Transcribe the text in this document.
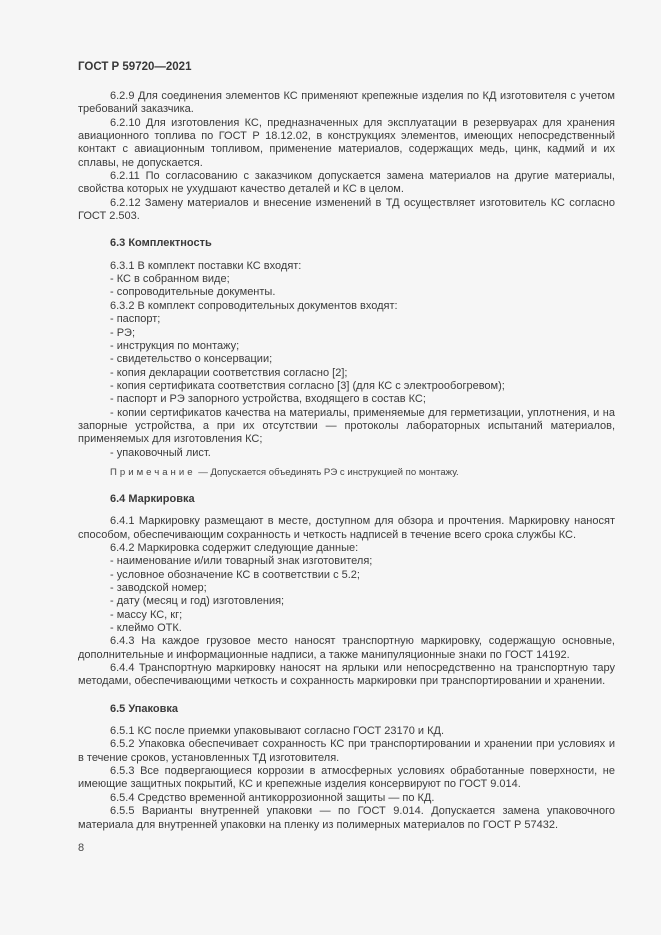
ГОСТ Р 59720—2021
6.2.9 Для соединения элементов КС применяют крепежные изделия по КД изготовителя с учетом требований заказчика.
6.2.10 Для изготовления КС, предназначенных для эксплуатации в резервуарах для хранения авиационного топлива по ГОСТ Р 18.12.02, в конструкциях элементов, имеющих непосредственный контакт с авиационным топливом, применение материалов, содержащих медь, цинк, кадмий и их сплавы, не допускается.
6.2.11 По согласованию с заказчиком допускается замена материалов на другие материалы, свойства которых не ухудшают качество деталей и КС в целом.
6.2.12 Замену материалов и внесение изменений в ТД осуществляет изготовитель КС согласно ГОСТ 2.503.
6.3 Комплектность
6.3.1 В комплект поставки КС входят:
- КС в собранном виде;
- сопроводительные документы.
6.3.2 В комплект сопроводительных документов входят:
- паспорт;
- РЭ;
- инструкция по монтажу;
- свидетельство о консервации;
- копия декларации соответствия согласно [2];
- копия сертификата соответствия согласно [3] (для КС с электрообогревом);
- паспорт и РЭ запорного устройства, входящего в состав КС;
- копии сертификатов качества на материалы, применяемые для герметизации, уплотнения, и на запорные устройства, а при их отсутствии — протоколы лабораторных испытаний материалов, применяемых для изготовления КС;
- упаковочный лист.
Примечание — Допускается объединять РЭ с инструкцией по монтажу.
6.4 Маркировка
6.4.1 Маркировку размещают в месте, доступном для обзора и прочтения. Маркировку наносят способом, обеспечивающим сохранность и четкость надписей в течение всего срока службы КС.
6.4.2 Маркировка содержит следующие данные:
- наименование и/или товарный знак изготовителя;
- условное обозначение КС в соответствии с 5.2;
- заводской номер;
- дату (месяц и год) изготовления;
- массу КС, кг;
- клеймо ОТК.
6.4.3 На каждое грузовое место наносят транспортную маркировку, содержащую основные, дополнительные и информационные надписи, а также манипуляционные знаки по ГОСТ 14192.
6.4.4 Транспортную маркировку наносят на ярлыки или непосредственно на транспортную тару методами, обеспечивающими четкость и сохранность маркировки при транспортировании и хранении.
6.5 Упаковка
6.5.1 КС после приемки упаковывают согласно ГОСТ 23170 и КД.
6.5.2 Упаковка обеспечивает сохранность КС при транспортировании и хранении при условиях и в течение сроков, установленных ТД изготовителя.
6.5.3 Все подвергающиеся коррозии в атмосферных условиях обработанные поверхности, не имеющие защитных покрытий, КС и крепежные изделия консервируют по ГОСТ 9.014.
6.5.4 Средство временной антикоррозионной защиты — по КД.
6.5.5 Варианты внутренней упаковки — по ГОСТ 9.014. Допускается замена упаковочного материала для внутренней упаковки на пленку из полимерных материалов по ГОСТ Р 57432.
8
